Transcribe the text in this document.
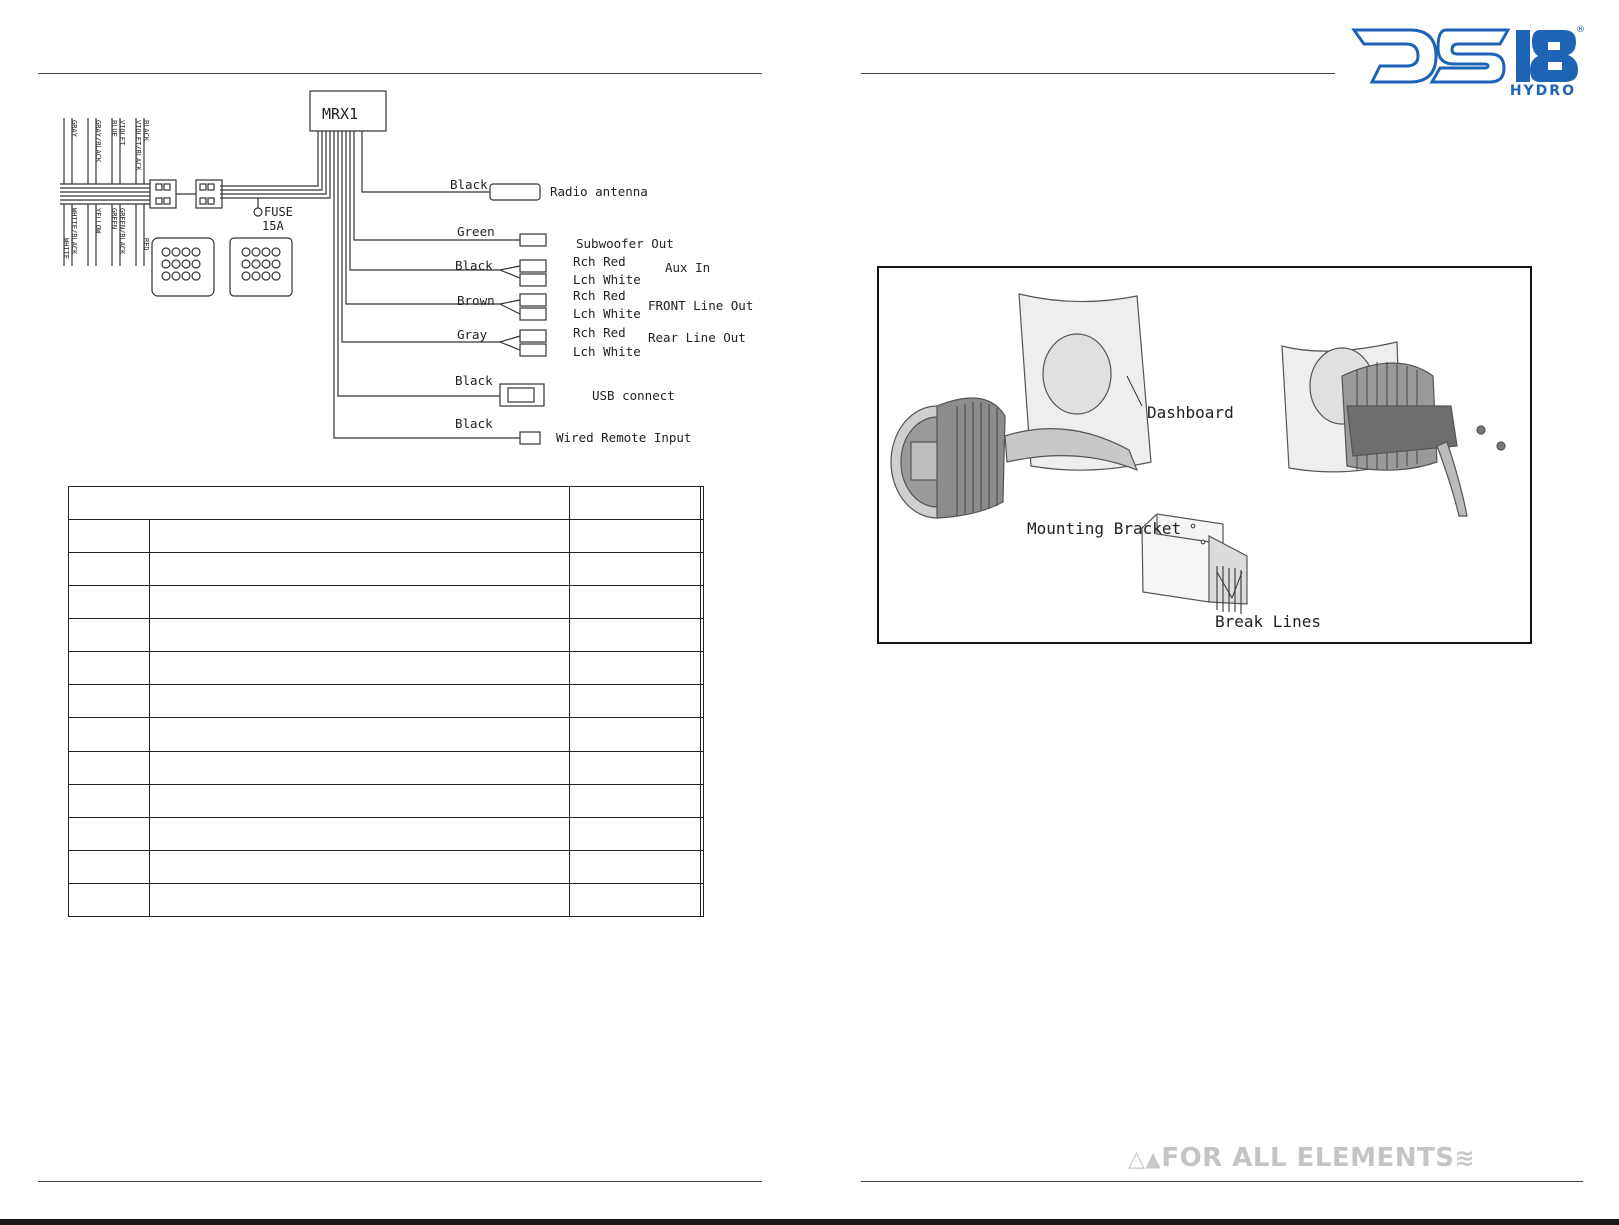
®
HYDRO
MRX1
FUSE
15A
BLACK
VIOLET/BLACK
VIOLET
BLUE
GRAY/BLACK
GRAY
RED
GREEN/BLACK
GREEN
YELLOW
WHITE/BLACK
WHITE
Black	Radio antenna
Green
Subwoofer Out
Black	Rch Red
Lch White
Aux In
Brown	Rch Red
Lch White
FRONT Line Out
Gray	Rch Red
Lch White
Rear Line Out
Black
USB connect
Black
Wired Remote Input

Dashboard
Mounting Bracket
Break Lines
△▲FOR ALL ELEMENTS≋
